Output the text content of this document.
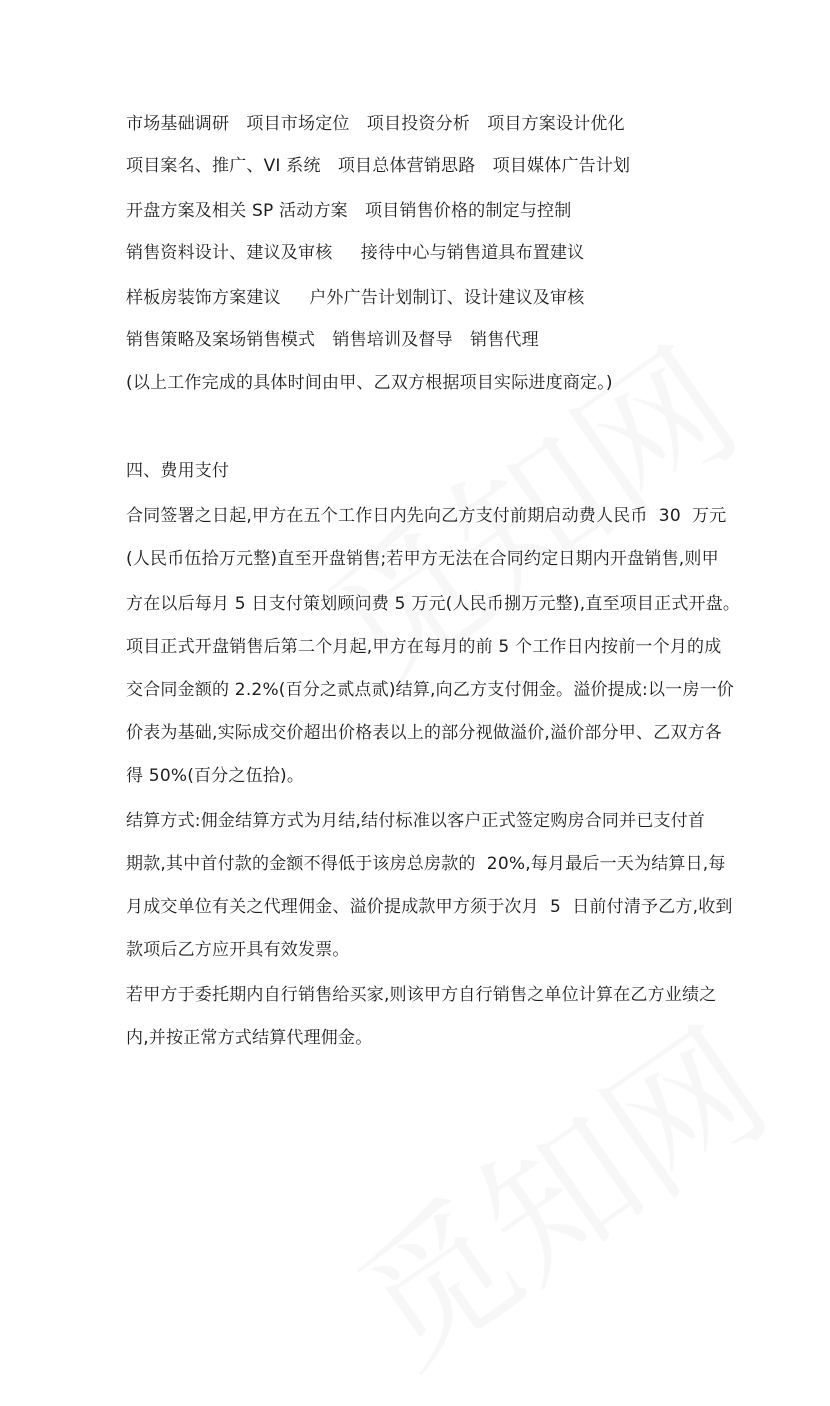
市场基础调研　项目市场定位　项目投资分析　项目方案设计优化
项目案名、推广、VI 系统　项目总体营销思路　项目媒体广告计划
开盘方案及相关 SP 活动方案　项目销售价格的制定与控制
销售资料设计、建议及审核　  接待中心与销售道具布置建议
样板房装饰方案建议　  户外广告计划制订、设计建议及审核
销售策略及案场销售模式　销售培训及督导　销售代理
(以上工作完成的具体时间由甲、乙双方根据项目实际进度商定。)
四、费用支付
合同签署之日起,甲方在五个工作日内先向乙方支付前期启动费人民币  30  万元
(人民币伍拾万元整)直至开盘销售;若甲方无法在合同约定日期内开盘销售,则甲
方在以后每月 5 日支付策划顾问费 5 万元(人民币捌万元整),直至项目正式开盘。
项目正式开盘销售后第二个月起,甲方在每月的前 5 个工作日内按前一个月的成
交合同金额的 2.2%(百分之贰点贰)结算,向乙方支付佣金。溢价提成:以一房一价
价表为基础,实际成交价超出价格表以上的部分视做溢价,溢价部分甲、乙双方各
得 50%(百分之伍拾)。
结算方式:佣金结算方式为月结,结付标准以客户正式签定购房合同并已支付首
期款,其中首付款的金额不得低于该房总房款的  20%,每月最后一天为结算日,每
月成交单位有关之代理佣金、溢价提成款甲方须于次月  5  日前付清予乙方,收到
款项后乙方应开具有效发票。
若甲方于委托期内自行销售给买家,则该甲方自行销售之单位计算在乙方业绩之
内,并按正常方式结算代理佣金。
